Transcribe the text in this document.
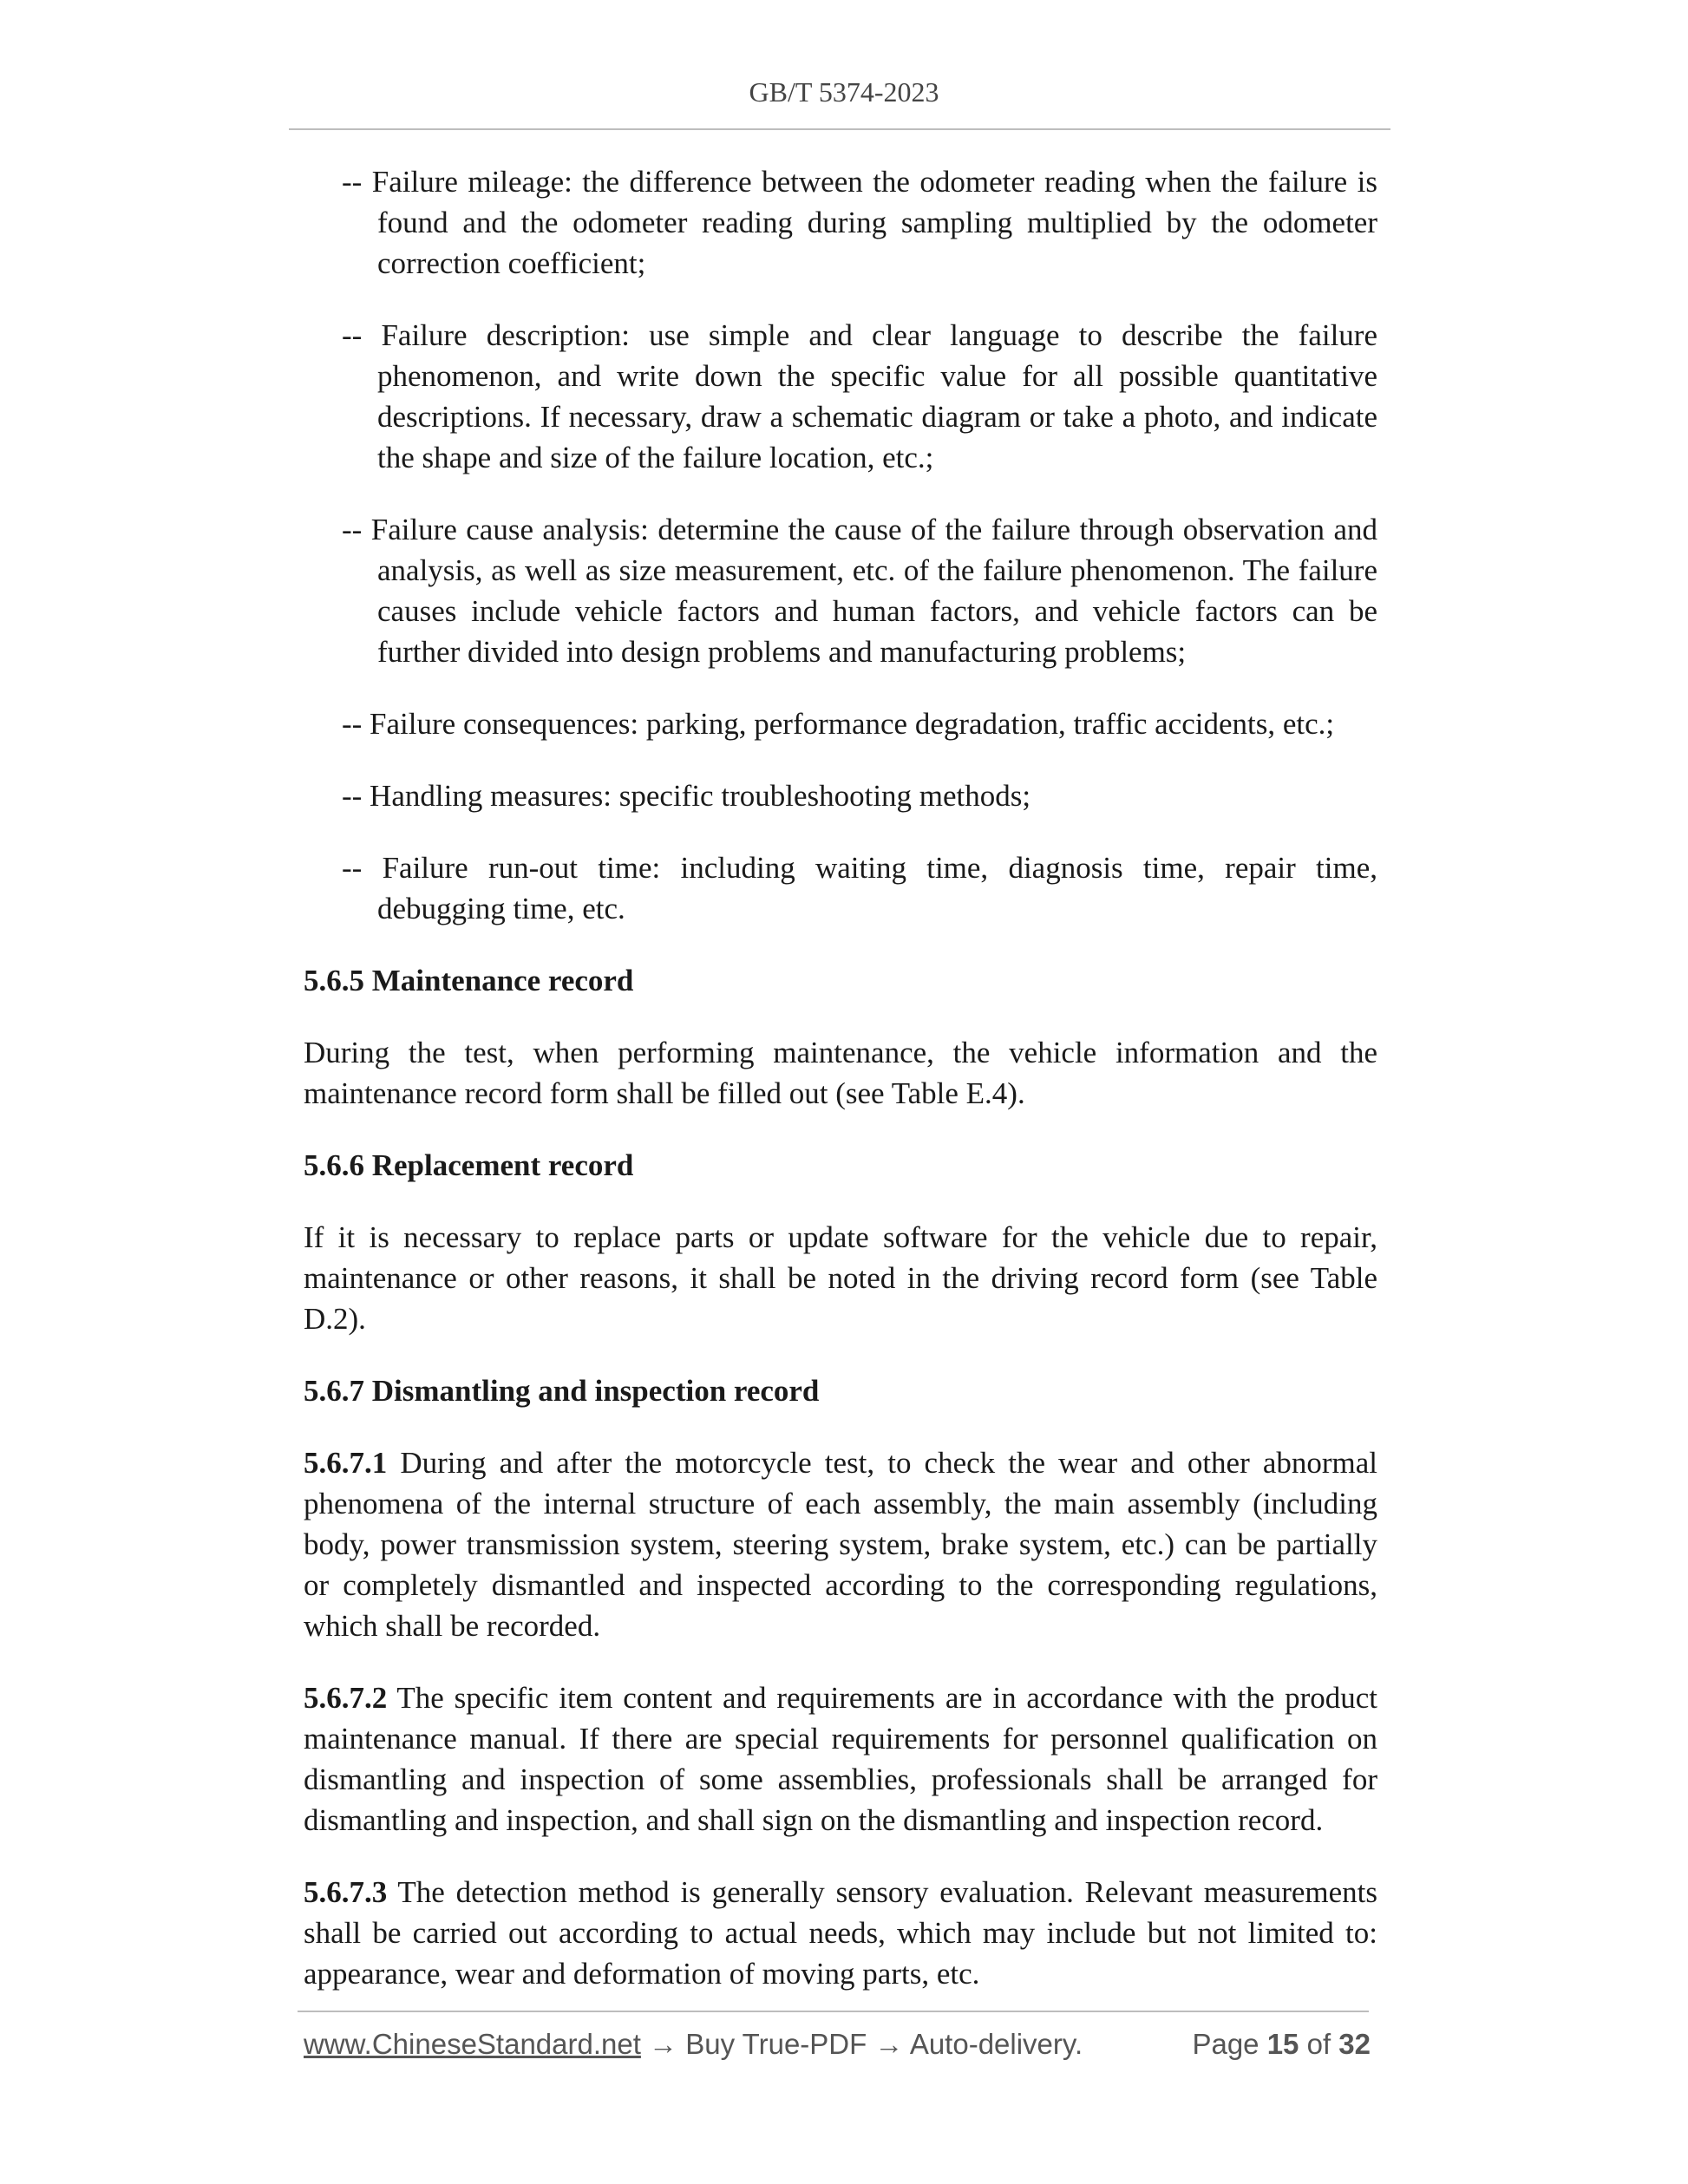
GB/T 5374-2023

-- Failure mileage: the difference between the odometer reading when the failure is found and the odometer reading during sampling multiplied by the odometer correction coefficient;

-- Failure description: use simple and clear language to describe the failure phenomenon, and write down the specific value for all possible quantitative descriptions. If necessary, draw a schematic diagram or take a photo, and indicate the shape and size of the failure location, etc.;

-- Failure cause analysis: determine the cause of the failure through observation and analysis, as well as size measurement, etc. of the failure phenomenon. The failure causes include vehicle factors and human factors, and vehicle factors can be further divided into design problems and manufacturing problems;

-- Failure consequences: parking, performance degradation, traffic accidents, etc.;

-- Handling measures: specific troubleshooting methods;

-- Failure run-out time: including waiting time, diagnosis time, repair time, debugging time, etc.

5.6.5 Maintenance record

During the test, when performing maintenance, the vehicle information and the maintenance record form shall be filled out (see Table E.4).

5.6.6 Replacement record

If it is necessary to replace parts or update software for the vehicle due to repair, maintenance or other reasons, it shall be noted in the driving record form (see Table D.2).

5.6.7 Dismantling and inspection record

5.6.7.1 During and after the motorcycle test, to check the wear and other abnormal phenomena of the internal structure of each assembly, the main assembly (including body, power transmission system, steering system, brake system, etc.) can be partially or completely dismantled and inspected according to the corresponding regulations, which shall be recorded.

5.6.7.2 The specific item content and requirements are in accordance with the product maintenance manual. If there are special requirements for personnel qualification on dismantling and inspection of some assemblies, professionals shall be arranged for dismantling and inspection, and shall sign on the dismantling and inspection record.

5.6.7.3 The detection method is generally sensory evaluation. Relevant measurements shall be carried out according to actual needs, which may include but not limited to: appearance, wear and deformation of moving parts, etc.

www.ChineseStandard.net → Buy True-PDF → Auto-delivery.	Page 15 of 32
